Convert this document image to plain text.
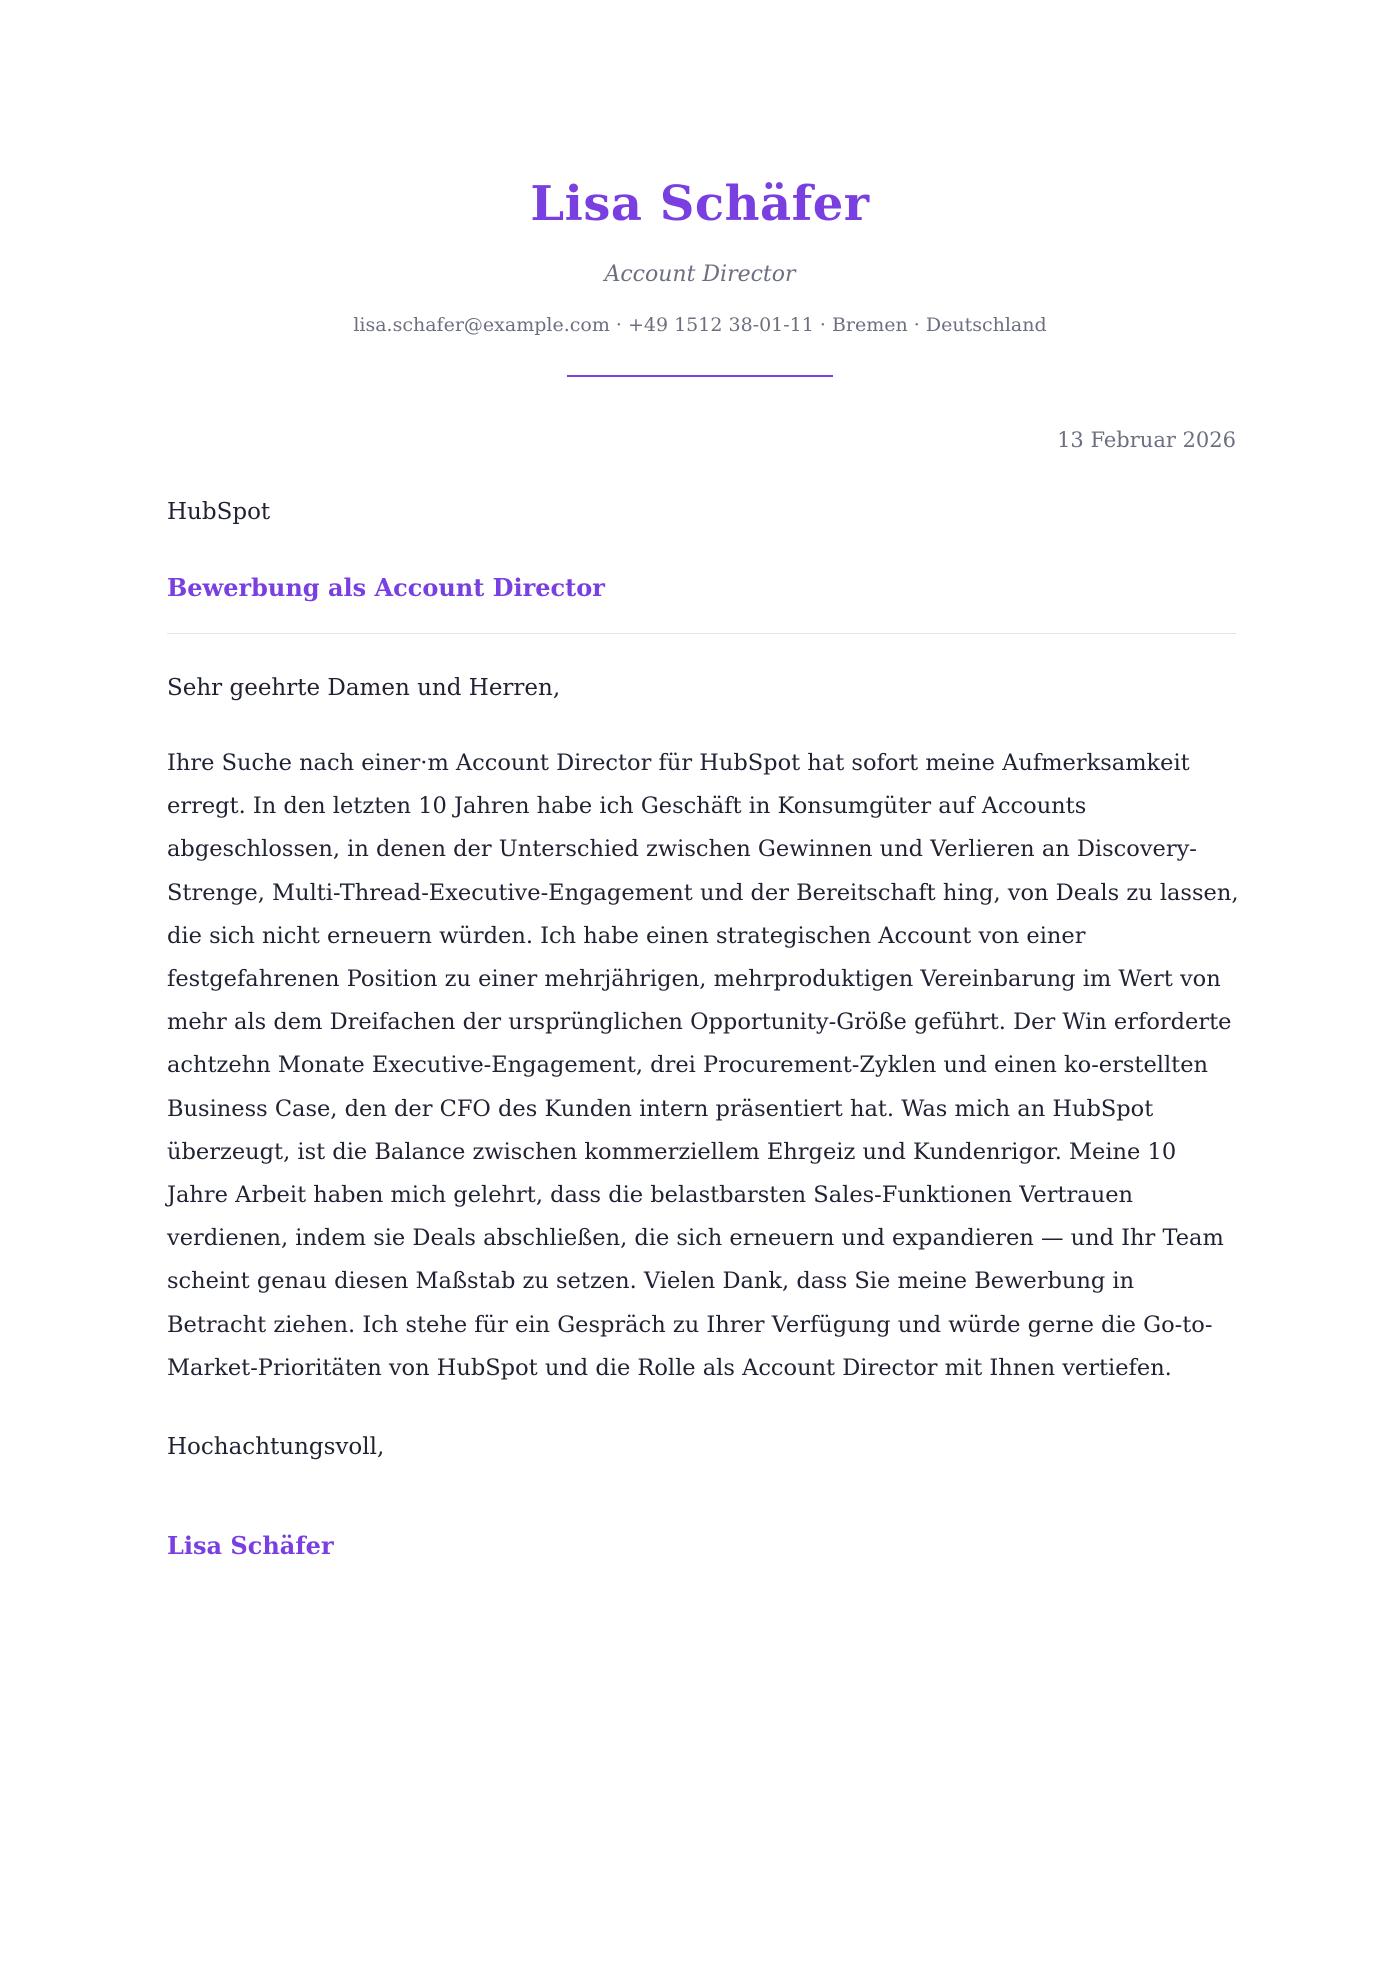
Lisa Schäfer
Account Director
lisa.schafer@example.com · +49 1512 38-01-11 · Bremen · Deutschland
13 Februar 2026
HubSpot
Bewerbung als Account Director
Sehr geehrte Damen und Herren,

Ihre Suche nach einer·m Account Director für HubSpot hat sofort meine Aufmerksamkeit erregt. In den letzten 10 Jahren habe ich Geschäft in Konsumgüter auf Accounts abgeschlossen, in denen der Unterschied zwischen Gewinnen und Verlieren an Discovery-Strenge, Multi-Thread-Executive-Engagement und der Bereitschaft hing, von Deals zu lassen, die sich nicht erneuern würden. Ich habe einen strategischen Account von einer festgefahrenen Position zu einer mehrjährigen, mehrproduktigen Vereinbarung im Wert von mehr als dem Dreifachen der ursprünglichen Opportunity-Größe geführt. Der Win erforderte achtzehn Monate Executive-Engagement, drei Procurement-Zyklen und einen ko-erstellten Business Case, den der CFO des Kunden intern präsentiert hat. Was mich an HubSpot überzeugt, ist die Balance zwischen kommerziellem Ehrgeiz und Kundenrigor. Meine 10 Jahre Arbeit haben mich gelehrt, dass die belastbarsten Sales-Funktionen Vertrauen verdienen, indem sie Deals abschließen, die sich erneuern und expandieren — und Ihr Team scheint genau diesen Maßstab zu setzen. Vielen Dank, dass Sie meine Bewerbung in Betracht ziehen. Ich stehe für ein Gespräch zu Ihrer Verfügung und würde gerne die Go-to-Market-Prioritäten von HubSpot und die Rolle als Account Director mit Ihnen vertiefen.

Hochachtungsvoll,
Lisa Schäfer
